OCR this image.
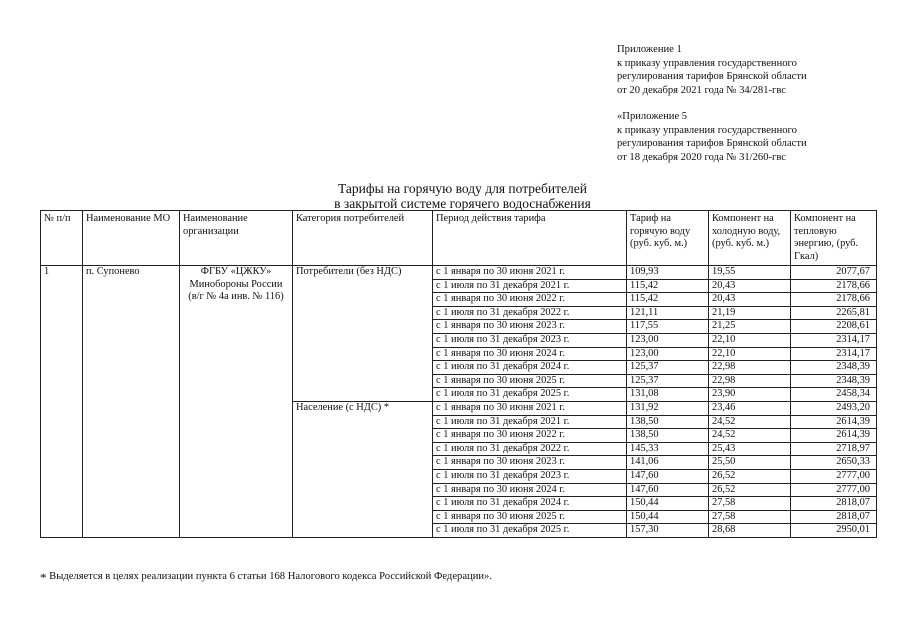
Приложение 1
к приказу управления государственного
регулирования тарифов Брянской области
от 20 декабря 2021 года № 34/281-гвс
«Приложение 5
к приказу управления государственного
регулирования тарифов Брянской области
от 18 декабря 2020 года № 31/260-гвс
Тарифы на горячую воду для потребителей
в закрытой системе горячего водоснабжения
№ п/п	Наименование МО	Наименование организации	Категория потребителей	Период действия тарифа	Тариф на горячую воду (руб. куб. м.)	Компонент на холодную воду, (руб. куб. м.)	Компонент на тепловую энергию, (руб. Гкал)
1	п. Супонево	ФГБУ «ЦЖКУ» Минобороны России (в/г № 4а инв. № 116)	Потребители (без НДС)	с 1 января по 30 июня 2021 г.	109,93	19,55	2077,67
				с 1 июля по 31 декабря 2021 г.	115,42	20,43	2178,66
				с 1 января по 30 июня 2022 г.	115,42	20,43	2178,66
				с 1 июля по 31 декабря 2022 г.	121,11	21,19	2265,81
				с 1 января по 30 июня 2023 г.	117,55	21,25	2208,61
				с 1 июля по 31 декабря 2023 г.	123,00	22,10	2314,17
				с 1 января по 30 июня 2024 г.	123,00	22,10	2314,17
				с 1 июля по 31 декабря 2024 г.	125,37	22,98	2348,39
				с 1 января по 30 июня 2025 г.	125,37	22,98	2348,39
				с 1 июля по 31 декабря 2025 г.	131,08	23,90	2458,34
			Население (с НДС) *	с 1 января по 30 июня 2021 г.	131,92	23,46	2493,20
				с 1 июля по 31 декабря 2021 г.	138,50	24,52	2614,39
				с 1 января по 30 июня 2022 г.	138,50	24,52	2614,39
				с 1 июля по 31 декабря 2022 г.	145,33	25,43	2718,97
				с 1 января по 30 июня 2023 г.	141,06	25,50	2650,33
				с 1 июля по 31 декабря 2023 г.	147,60	26,52	2777,00
				с 1 января по 30 июня 2024 г.	147,60	26,52	2777,00
				с 1 июля по 31 декабря 2024 г.	150,44	27,58	2818,07
				с 1 января по 30 июня 2025 г.	150,44	27,58	2818,07
				с 1 июля по 31 декабря 2025 г.	157,30	28,68	2950,01
* Выделяется в целях реализации пункта 6 статьи 168 Налогового кодекса Российской Федерации».
